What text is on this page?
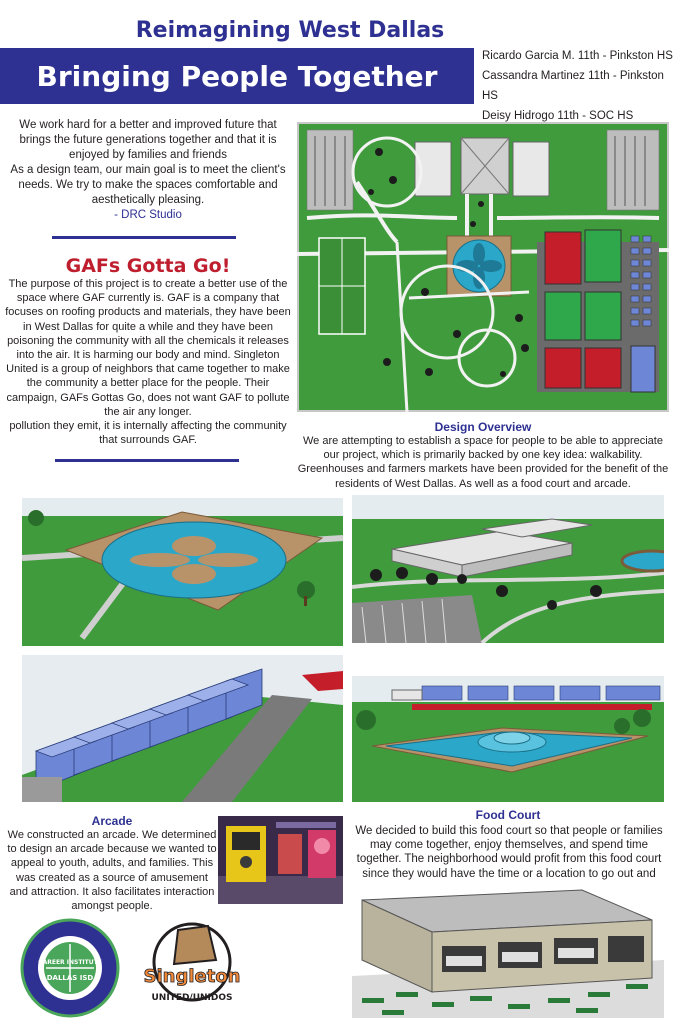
Reimagining West Dallas
Bringing People Together
Ricardo Garcia M. 11th - Pinkston HS
Cassandra Martinez 11th - Pinkston HS
Deisy Hidrogo 11th - SOC HS
We work hard for a better and improved future that brings the future generations together and that it is enjoyed by families and friends
As a design team, our main goal is to meet the client's needs. We try to make the spaces comfortable and aesthetically pleasing.
- DRC Studio
GAFs Gotta Go!
The purpose of this project is to create a better use of the space where GAF currently is. GAF is a company that focuses on roofing products and materials, they have been in West Dallas for quite a while and they have been poisoning the community with all the chemicals it releases into the air. It is harming our body and mind. Singleton United is a group of neighbors that came together to make the community a better place for the people. Their campaign, GAFs Gottas Go, does not want GAF to pollute the air any longer.
pollution they emit, it is internally affecting the community that surrounds GAF.
Design Overview
We are attempting to establish a space for people to be able to appreciate our project, which is primarily backed by one key idea: walkability. Greenhouses and farmers markets have been provided for the benefit of the residents of West Dallas. As well as a food court and arcade.
Arcade
We constructed an arcade. We determined to design an arcade because we wanted to appeal to youth, adults, and families. This was created as a source of amusement and attraction. It also facilitates interaction amongst people.
Food Court
We decided to build this food court so that people or families may come together, enjoy themselves, and spend time together. The neighborhood would profit from this food court since they would have the time or a location to go out and
CAREER INSTITUTE
DALLAS ISD	Singleton
UNITED/UNIDOS
